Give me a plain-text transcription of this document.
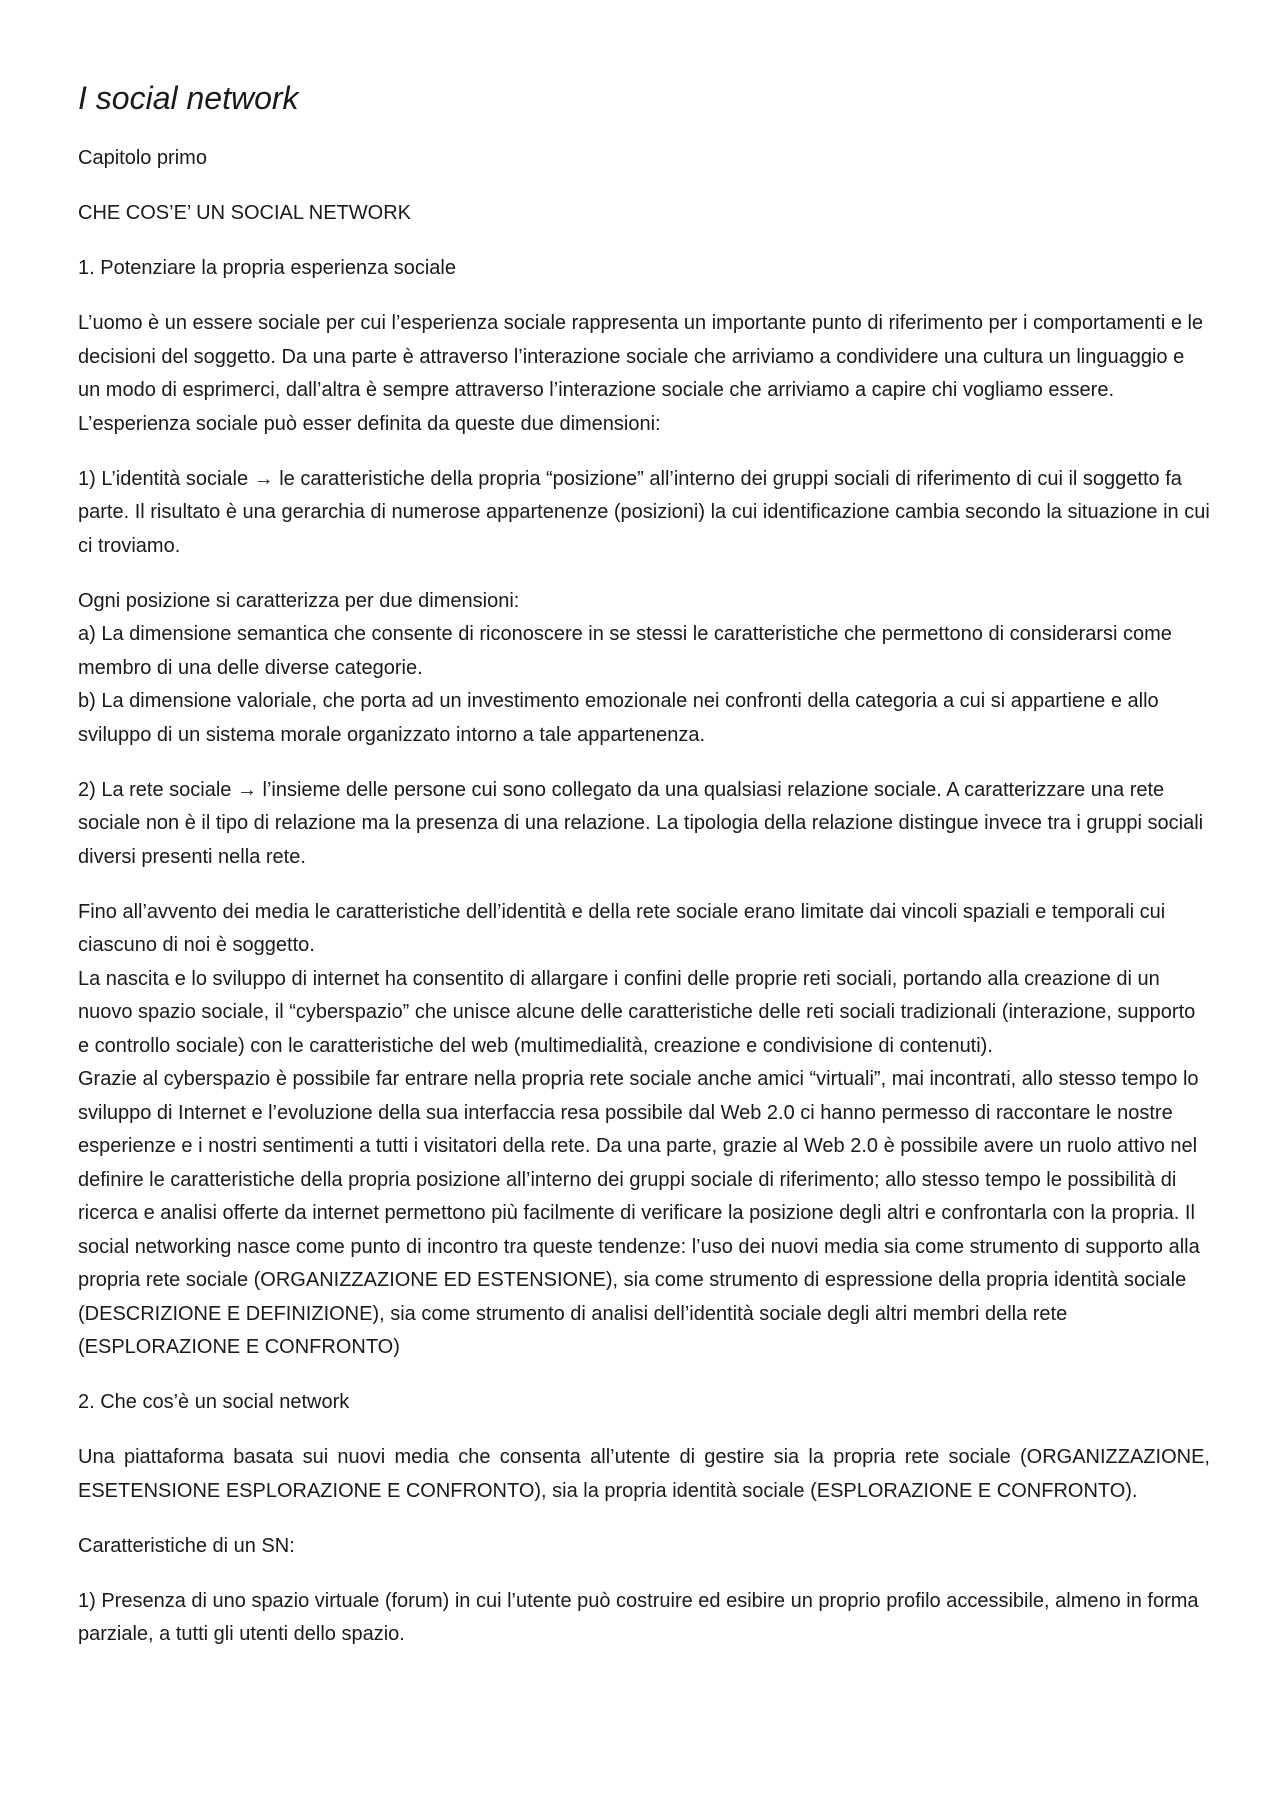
I social network

Capitolo primo

CHE COS’E’ UN SOCIAL NETWORK

1. Potenziare la propria esperienza sociale

L’uomo è un essere sociale per cui l’esperienza sociale rappresenta un importante punto di riferimento per i comportamenti e le decisioni del soggetto. Da una parte è attraverso l’interazione sociale che arriviamo a condividere una cultura un linguaggio e un modo di esprimerci, dall’altra è sempre attraverso l’interazione sociale che arriviamo a capire chi vogliamo essere. L’esperienza sociale può esser definita da queste due dimensioni:

1) L’identità sociale → le caratteristiche della propria “posizione” all’interno dei gruppi sociali di riferimento di cui il soggetto fa parte. Il risultato è una gerarchia di numerose appartenenze (posizioni) la cui identificazione cambia secondo la situazione in cui ci troviamo.

Ogni posizione si caratterizza per due dimensioni:
a) La dimensione semantica che consente di riconoscere in se stessi le caratteristiche che permettono di considerarsi come membro di una delle diverse categorie.
b) La dimensione valoriale, che porta ad un investimento emozionale nei confronti della categoria a cui si appartiene e allo sviluppo di un sistema morale organizzato intorno a tale appartenenza.

2) La rete sociale → l’insieme delle persone cui sono collegato da una qualsiasi relazione sociale. A caratterizzare una rete sociale non è il tipo di relazione ma la presenza di una relazione. La tipologia della relazione distingue invece tra i gruppi sociali diversi presenti nella rete.

Fino all’avvento dei media le caratteristiche dell’identità e della rete sociale erano limitate dai vincoli spaziali e temporali cui ciascuno di noi è soggetto.
La nascita e lo sviluppo di internet ha consentito di allargare i confini delle proprie reti sociali, portando alla creazione di un nuovo spazio sociale, il “cyberspazio” che unisce alcune delle caratteristiche delle reti sociali tradizionali (interazione, supporto e controllo sociale) con le caratteristiche del web (multimedialità, creazione e condivisione di contenuti).
Grazie al cyberspazio è possibile far entrare nella propria rete sociale anche amici “virtuali”, mai incontrati, allo stesso tempo lo sviluppo di Internet e l’evoluzione della sua interfaccia resa possibile dal Web 2.0 ci hanno permesso di raccontare le nostre esperienze e i nostri sentimenti a tutti i visitatori della rete. Da una parte, grazie al Web 2.0 è possibile avere un ruolo attivo nel definire le caratteristiche della propria posizione all’interno dei gruppi sociale di riferimento; allo stesso tempo le possibilità di ricerca e analisi offerte da internet permettono più facilmente di verificare la posizione degli altri e confrontarla con la propria. Il social networking nasce come punto di incontro tra queste tendenze: l’uso dei nuovi media sia come strumento di supporto alla propria rete sociale (ORGANIZZAZIONE ED ESTENSIONE), sia come strumento di espressione della propria identità sociale (DESCRIZIONE E DEFINIZIONE), sia come strumento di analisi dell’identità sociale degli altri membri della rete (ESPLORAZIONE E CONFRONTO)

2. Che cos’è un social network

Una piattaforma basata sui nuovi media che consenta all’utente di gestire sia la propria rete sociale (ORGANIZZAZIONE, ESETENSIONE ESPLORAZIONE E CONFRONTO), sia la propria identità sociale (ESPLORAZIONE E CONFRONTO).

Caratteristiche di un SN:

1) Presenza di uno spazio virtuale (forum) in cui l’utente può costruire ed esibire un proprio profilo accessibile, almeno in forma parziale, a tutti gli utenti dello spazio.
